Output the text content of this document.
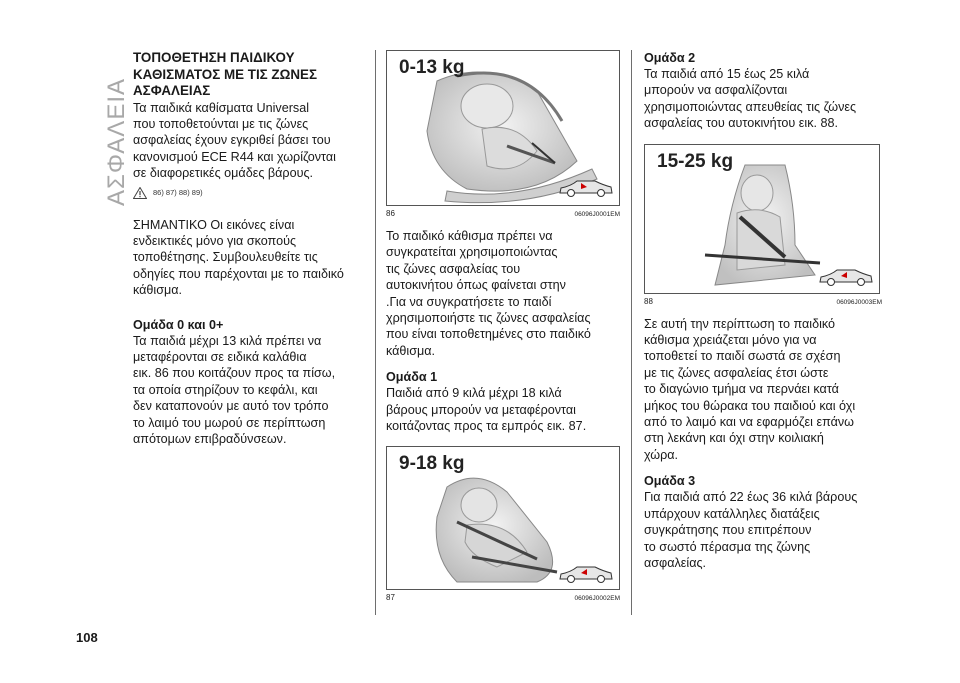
ΑΣΦΑΛΕΙΑ
108
ΤΟΠΟΘΕΤΗΣΗ ΠΑΙΔΙΚΟΥ
ΚΑΘΙΣΜΑΤΟΣ ΜΕ ΤΙΣ ΖΩΝΕΣ
ΑΣΦΑΛΕΙΑΣ

Τα παιδικά καθίσματα Universal
που τοποθετούνται με τις ζώνες
ασφαλείας έχουν εγκριθεί βάσει του
κανονισμού ECE R44 και χωρίζονται
σε διαφορετικές ομάδες βάρους.

86) 87) 88) 89)

ΣΗΜΑΝΤΙΚΟ Οι εικόνες είναι
ενδεικτικές μόνο για σκοπούς
τοποθέτησης. Συμβουλευθείτε τις
οδηγίες που παρέχονται με το παιδικό
κάθισμα.

Ομάδα 0 και 0+

Τα παιδιά μέχρι 13 κιλά πρέπει να
μεταφέρονται σε ειδικά καλάθια
εικ. 86 που κοιτάζουν προς τα πίσω,
τα οποία στηρίζουν το κεφάλι, και
δεν καταπονούν με αυτό τον τρόπο
το λαιμό του μωρού σε περίπτωση
απότομων επιβραδύνσεων.

0-13 kg
86	06096J0001EM

Το παιδικό κάθισμα πρέπει να
συγκρατείται χρησιμοποιώντας
τις ζώνες ασφαλείας του
αυτοκινήτου όπως φαίνεται στην
.Για να συγκρατήσετε το παιδί
χρησιμοποιήστε τις ζώνες ασφαλείας
που είναι τοποθετημένες στο παιδικό
κάθισμα.

Ομάδα 1

Παιδιά από 9 κιλά μέχρι 18 κιλά
βάρους μπορούν να μεταφέρονται
κοιτάζοντας προς τα εμπρός εικ. 87.

9-18 kg
87	06096J0002EM
Ομάδα 2

Τα παιδιά από 15 έως 25 κιλά
μπορούν να ασφαλίζονται
χρησιμοποιώντας απευθείας τις ζώνες
ασφαλείας του αυτοκινήτου εικ. 88.

15-25 kg
88	06096J0003EM

Σε αυτή την περίπτωση το παιδικό
κάθισμα χρειάζεται μόνο για να
τοποθετεί το παιδί σωστά σε σχέση
με τις ζώνες ασφαλείας έτσι ώστε
το διαγώνιο τμήμα να περνάει κατά
μήκος του θώρακα του παιδιού και όχι
από το λαιμό και να εφαρμόζει επάνω
στη λεκάνη και όχι στην κοιλιακή
χώρα.

Ομάδα 3

Για παιδιά από 22 έως 36 κιλά βάρους
υπάρχουν κατάλληλες διατάξεις
συγκράτησης που επιτρέπουν
το σωστό πέρασμα της ζώνης
ασφαλείας.
